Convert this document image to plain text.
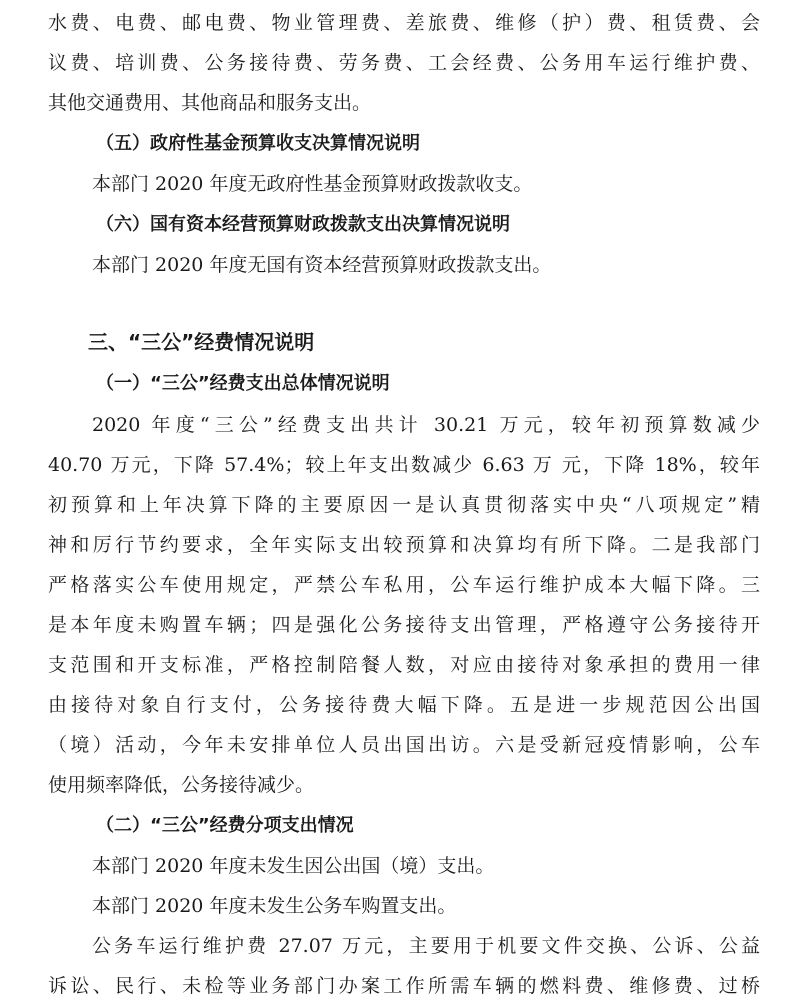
水费、电费、邮电费、物业管理费、差旅费、维修（护）费、租赁费、会
议费、培训费、公务接待费、劳务费、工会经费、公务用车运行维护费、
其他交通费用、其他商品和服务支出。
（五）政府性基金预算收支决算情况说明
本部门 2020 年度无政府性基金预算财政拨款收支。
（六）国有资本经营预算财政拨款支出决算情况说明
本部门 2020 年度无国有资本经营预算财政拨款支出。
三、“三公”经费情况说明
（一）“三公”经费支出总体情况说明
2020 年度“三公”经费支出共计 30.21 万元，较年初预算数减少
40.70 万元，下降 57.4%；较上年支出数减少 6.63 万 元，下降 18%，较年
初预算和上年决算下降的主要原因一是认真贯彻落实中央“八项规定”精
神和厉行节约要求，全年实际支出较预算和决算均有所下降。二是我部门
严格落实公车使用规定，严禁公车私用，公车运行维护成本大幅下降。三
是本年度未购置车辆；四是强化公务接待支出管理，严格遵守公务接待开
支范围和开支标准，严格控制陪餐人数，对应由接待对象承担的费用一律
由接待对象自行支付，公务接待费大幅下降。五是进一步规范因公出国
（境）活动，今年未安排单位人员出国出访。六是受新冠疫情影响，公车
使用频率降低，公务接待减少。
（二）“三公”经费分项支出情况
本部门 2020 年度未发生因公出国（境）支出。
本部门 2020 年度未发生公务车购置支出。
公务车运行维护费 27.07 万元，主要用于机要文件交换、公诉、公益
诉讼、民行、未检等业务部门办案工作所需车辆的燃料费、维修费、过桥
